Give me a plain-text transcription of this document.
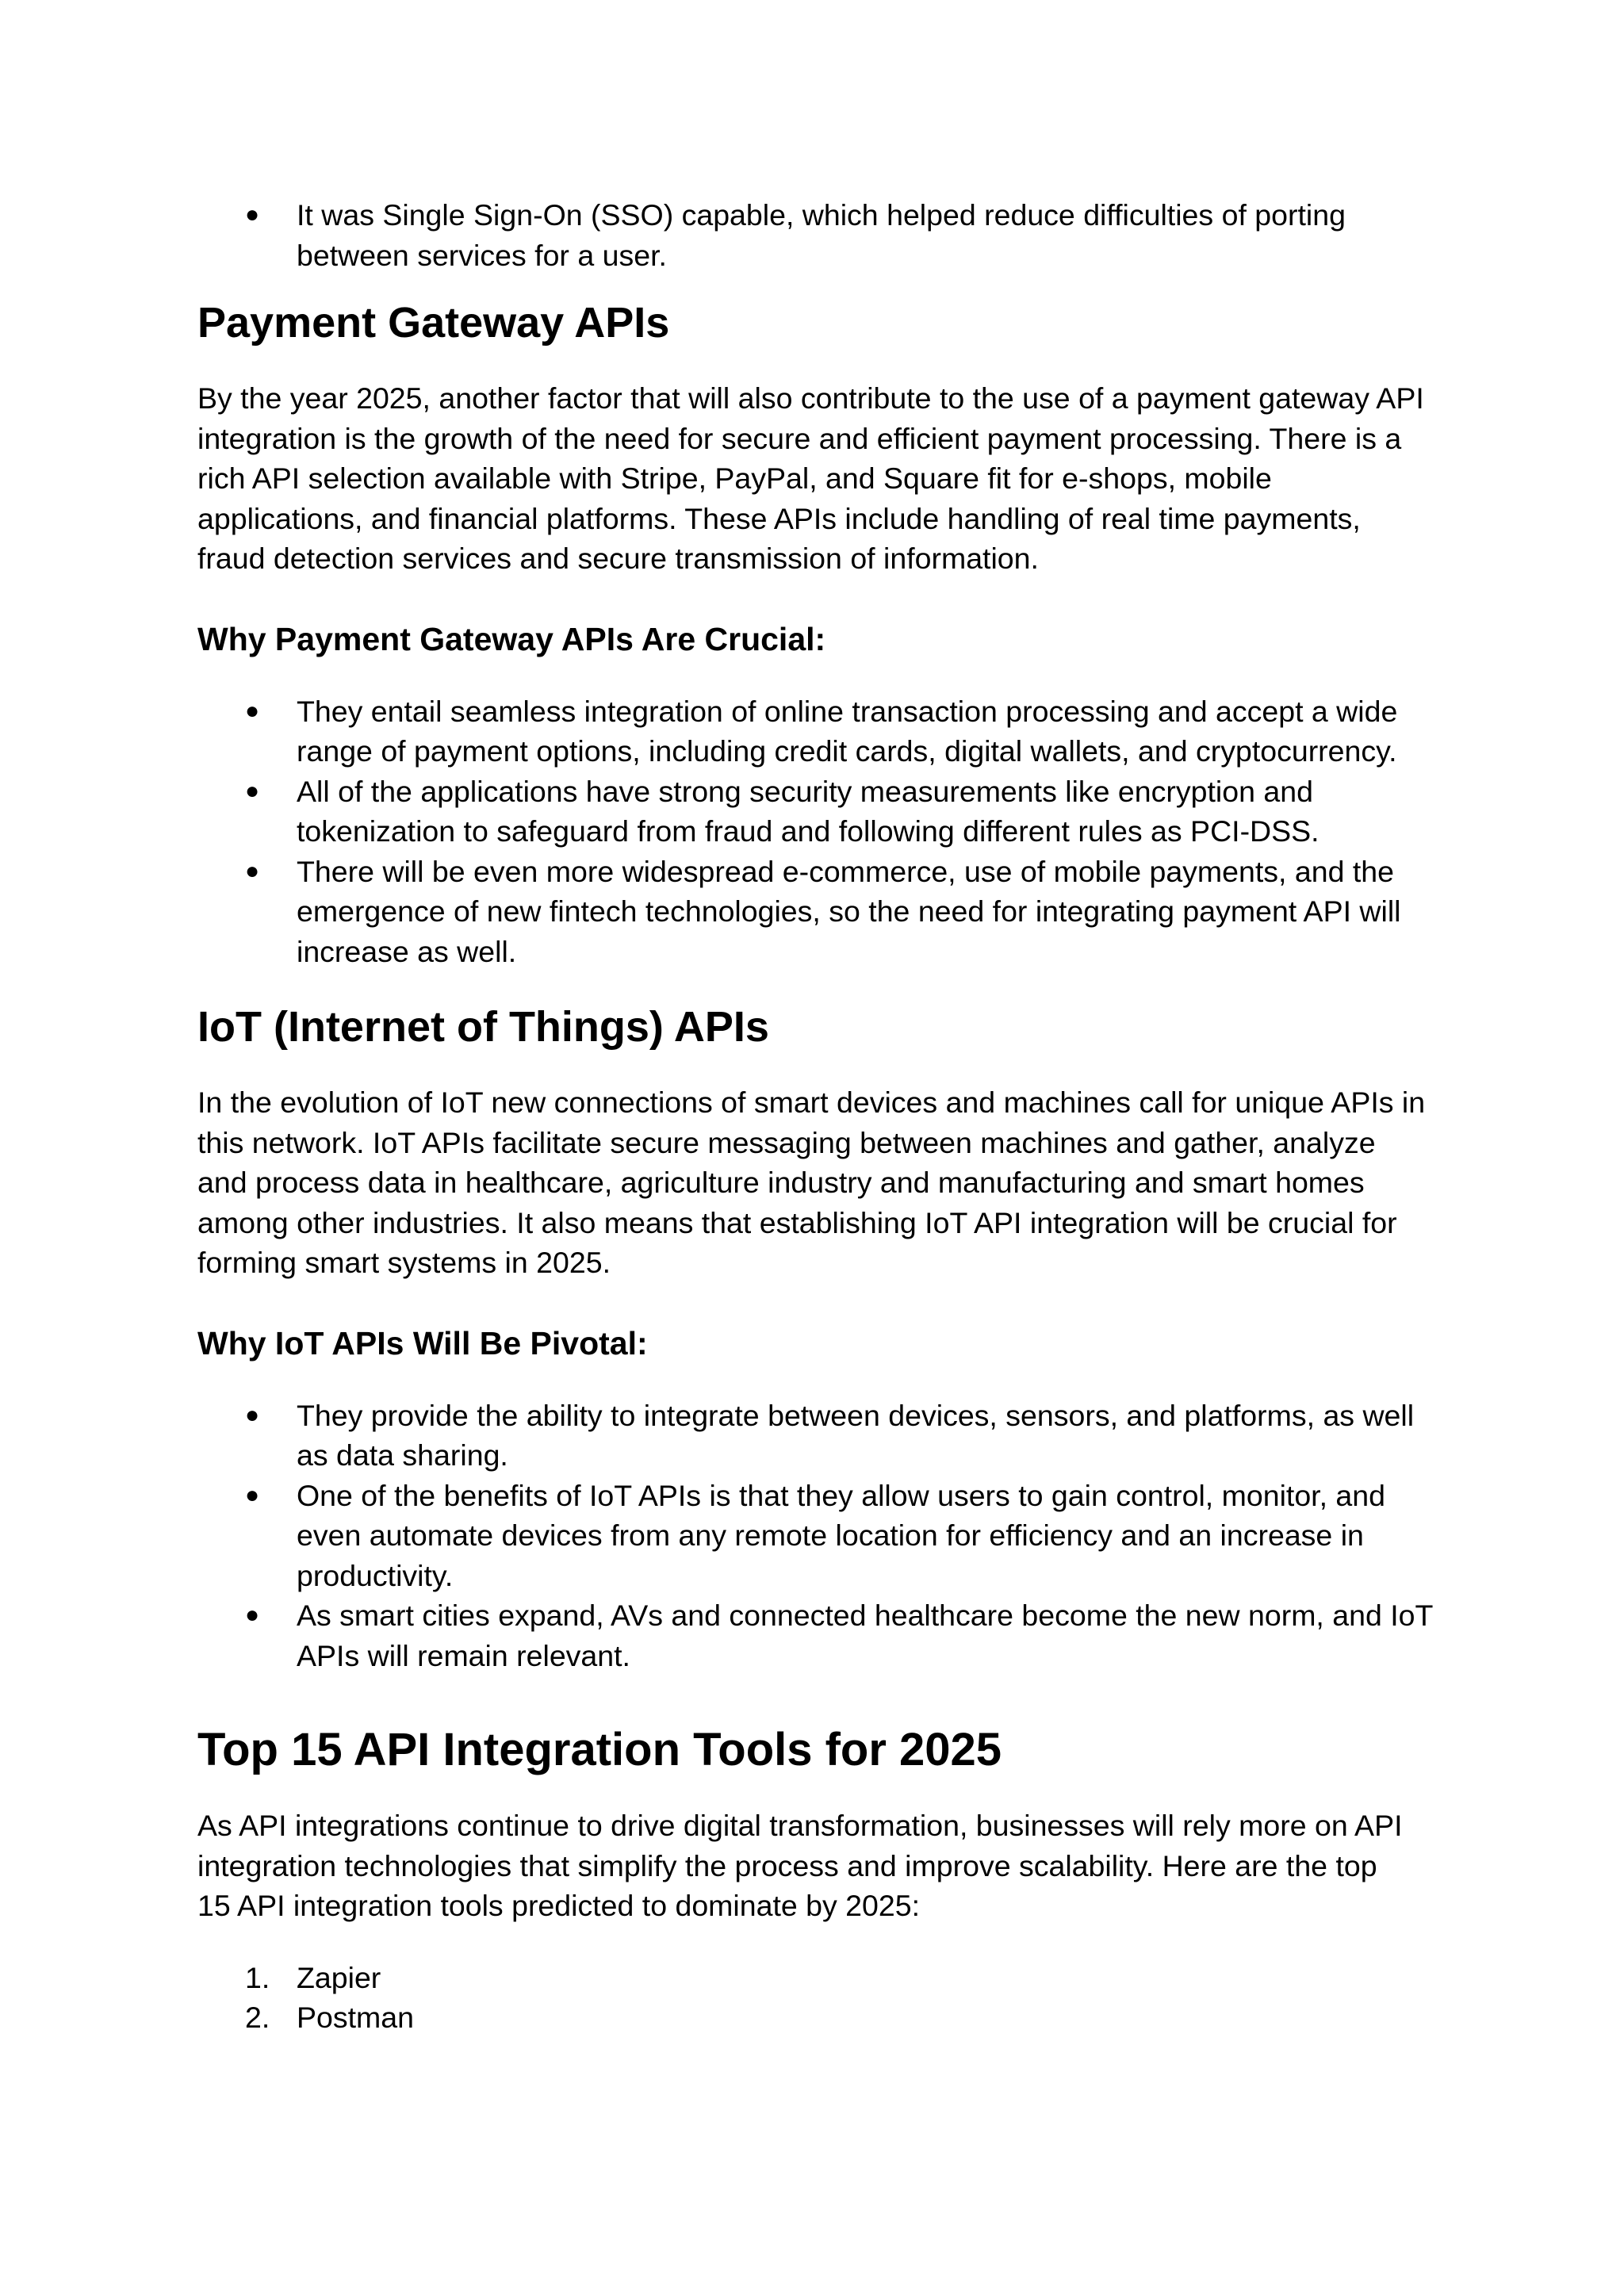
●	It was Single Sign-On (SSO) capable, which helped reduce difficulties of porting between services for a user.
Payment Gateway APIs

By the year 2025, another factor that will also contribute to the use of a payment gateway API integration is the growth of the need for secure and efficient payment processing. There is a rich API selection available with Stripe, PayPal, and Square fit for e-shops, mobile applications, and financial platforms. These APIs include handling of real time payments, fraud detection services and secure transmission of information.

Why Payment Gateway APIs Are Crucial:
●	They entail seamless integration of online transaction processing and accept a wide range of payment options, including credit cards, digital wallets, and cryptocurrency.
●	All of the applications have strong security measurements like encryption and tokenization to safeguard from fraud and following different rules as PCI-DSS.
●	There will be even more widespread e-commerce, use of mobile payments, and the emergence of new fintech technologies, so the need for integrating payment API will increase as well.
IoT (Internet of Things) APIs

In the evolution of IoT new connections of smart devices and machines call for unique APIs in this network. IoT APIs facilitate secure messaging between machines and gather, analyze and process data in healthcare, agriculture industry and manufacturing and smart homes among other industries. It also means that establishing IoT API integration will be crucial for forming smart systems in 2025.

Why IoT APIs Will Be Pivotal:
●	They provide the ability to integrate between devices, sensors, and platforms, as well as data sharing.
●	One of the benefits of IoT APIs is that they allow users to gain control, monitor, and even automate devices from any remote location for efficiency and an increase in productivity.
●	As smart cities expand, AVs and connected healthcare become the new norm, and IoT APIs will remain relevant.
Top 15 API Integration Tools for 2025

As API integrations continue to drive digital transformation, businesses will rely more on API integration technologies that simplify the process and improve scalability. Here are the top 15 API integration tools predicted to dominate by 2025:

1. Zapier
2. Postman
